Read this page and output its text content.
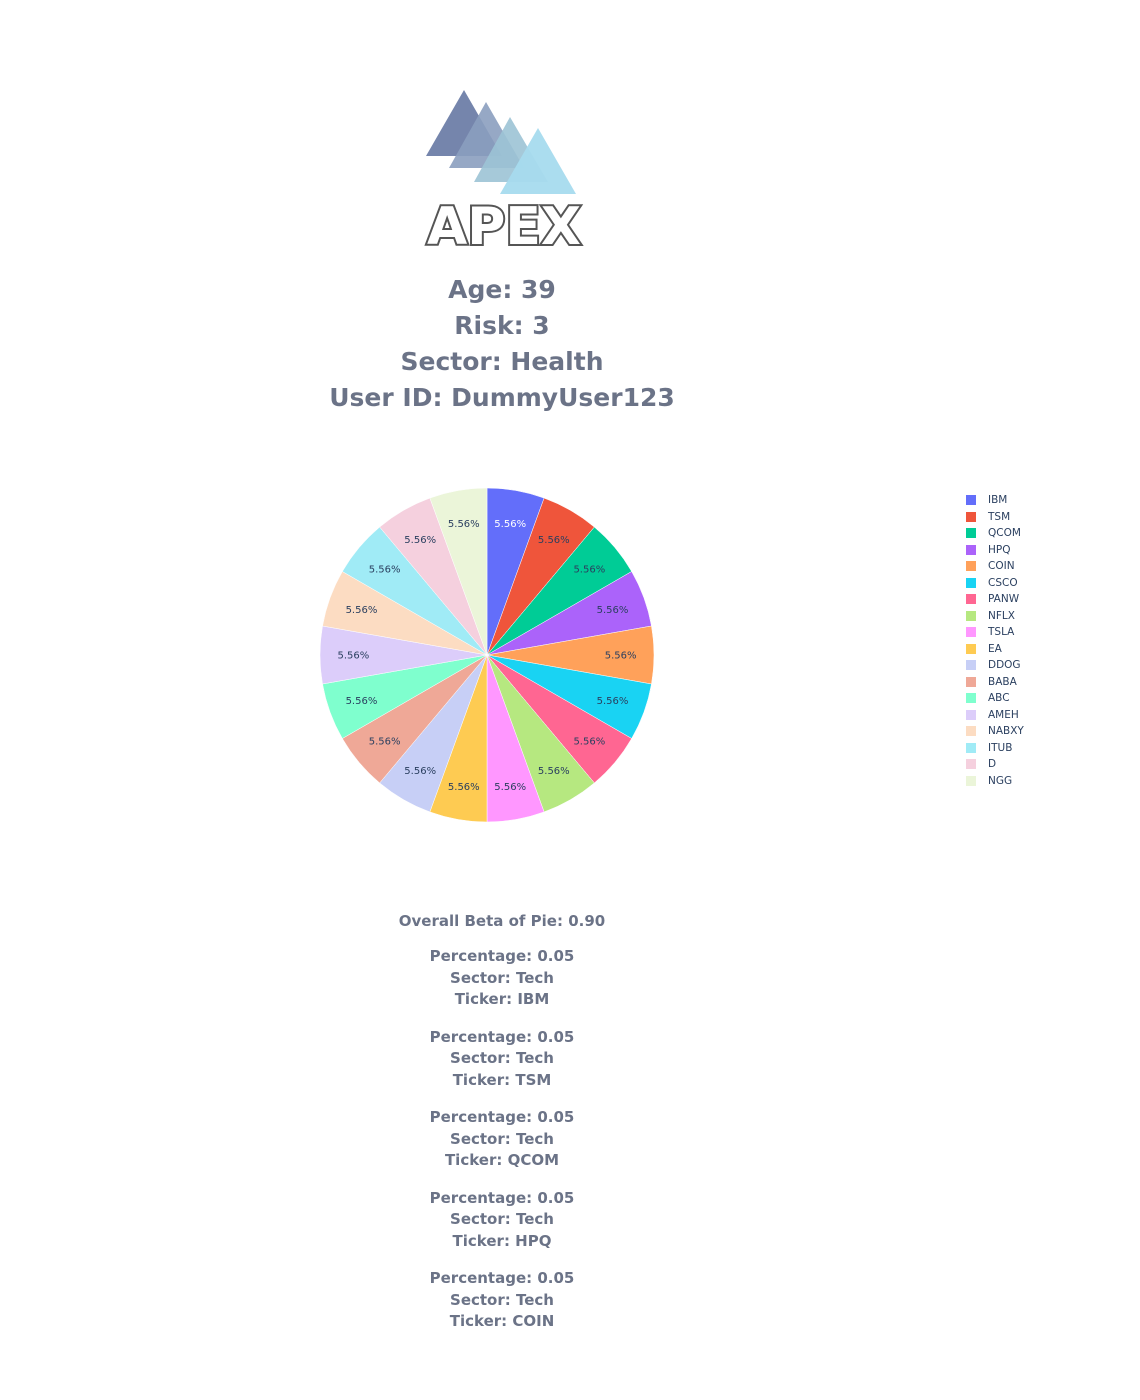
APEX
Age: 39
Risk: 3
Sector: Health
User ID: DummyUser123
5.56%
5.56%
5.56%
5.56%
5.56%
5.56%
5.56%
5.56%
5.56%
5.56%
5.56%
5.56%
5.56%
5.56%
5.56%
5.56%
5.56%
5.56%
IBM
TSM
QCOM
HPQ
COIN
CSCO
PANW
NFLX
TSLA
EA
DDOG
BABA
ABC
AMEH
NABXY
ITUB
D
NGG
Overall Beta of Pie: 0.90
Percentage: 0.05
Sector: Tech
Ticker: IBM
Percentage: 0.05
Sector: Tech
Ticker: TSM
Percentage: 0.05
Sector: Tech
Ticker: QCOM
Percentage: 0.05
Sector: Tech
Ticker: HPQ
Percentage: 0.05
Sector: Tech
Ticker: COIN
